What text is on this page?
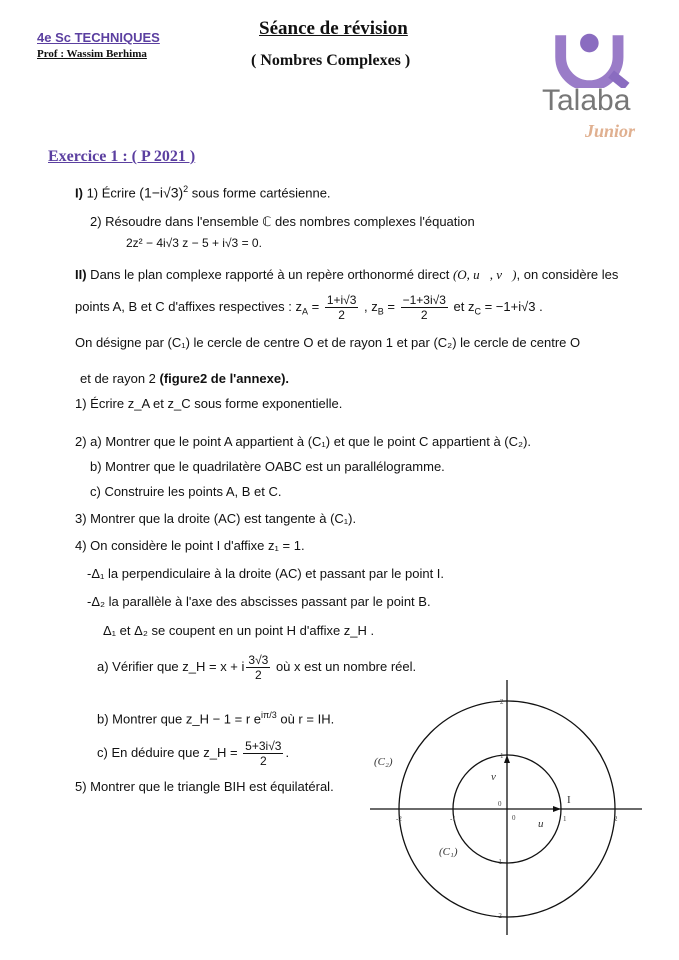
4e Sc TECHNIQUES
Prof : Wassim Berhima
Séance de révision
( Nombres Complexes )
Talaba
Junior
Exercice 1 : ( P 2021 )
I) 1) Écrire $(1-i√3)^2$ sous forme cartésienne.
2) Résoudre dans l'ensemble ℂ des nombres complexes l'équation
2z² − 4i√3 z − 5 + i√3 = 0.
II) Dans le plan complexe rapporté à un repère orthonormé direct (O, u⃗, v⃗), on considère les
points A, B et C d'affixes respectives : $z_A = \frac{1+i√3}{2}$ , $z_B = \frac{-1+3i√3}{2}$ et $z_C = -1+i√3$ .
On désigne par (C₁) le cercle de centre O et de rayon 1 et par (C₂) le cercle de centre O
et de rayon 2 (figure2 de l'annexe).
1) Écrire z_A et z_C sous forme exponentielle.
2) a) Montrer que le point A appartient à (C₁) et que le point C appartient à (C₂).
b) Montrer que le quadrilatère OABC est un parallélogramme.
c) Construire les points A, B et C.
3) Montrer que la droite (AC) est tangente à (C₁).
4) On considère le point I d'affixe z₁ = 1.
-Δ₁ la perpendiculaire à la droite (AC) et passant par le point I.
-Δ₂ la parallèle à l'axe des abscisses passant par le point B.
Δ₁ et Δ₂ se coupent en un point H d'affixe z_H .
a) Vérifier que z_H = x + i $\frac{3√3}{2}$ où x est un nombre réel.
b) Montrer que z_H − 1 = r $e^{i\pi/3}$ où r = IH.
c) En déduire que z_H = $\frac{5+3i√3}{2}$ .
5) Montrer que le triangle BIH est équilatéral.
-2	-1	1	2
2
1
-1
-2
0
0
(C₂)
(C₁)
u⃗
v⃗
I
